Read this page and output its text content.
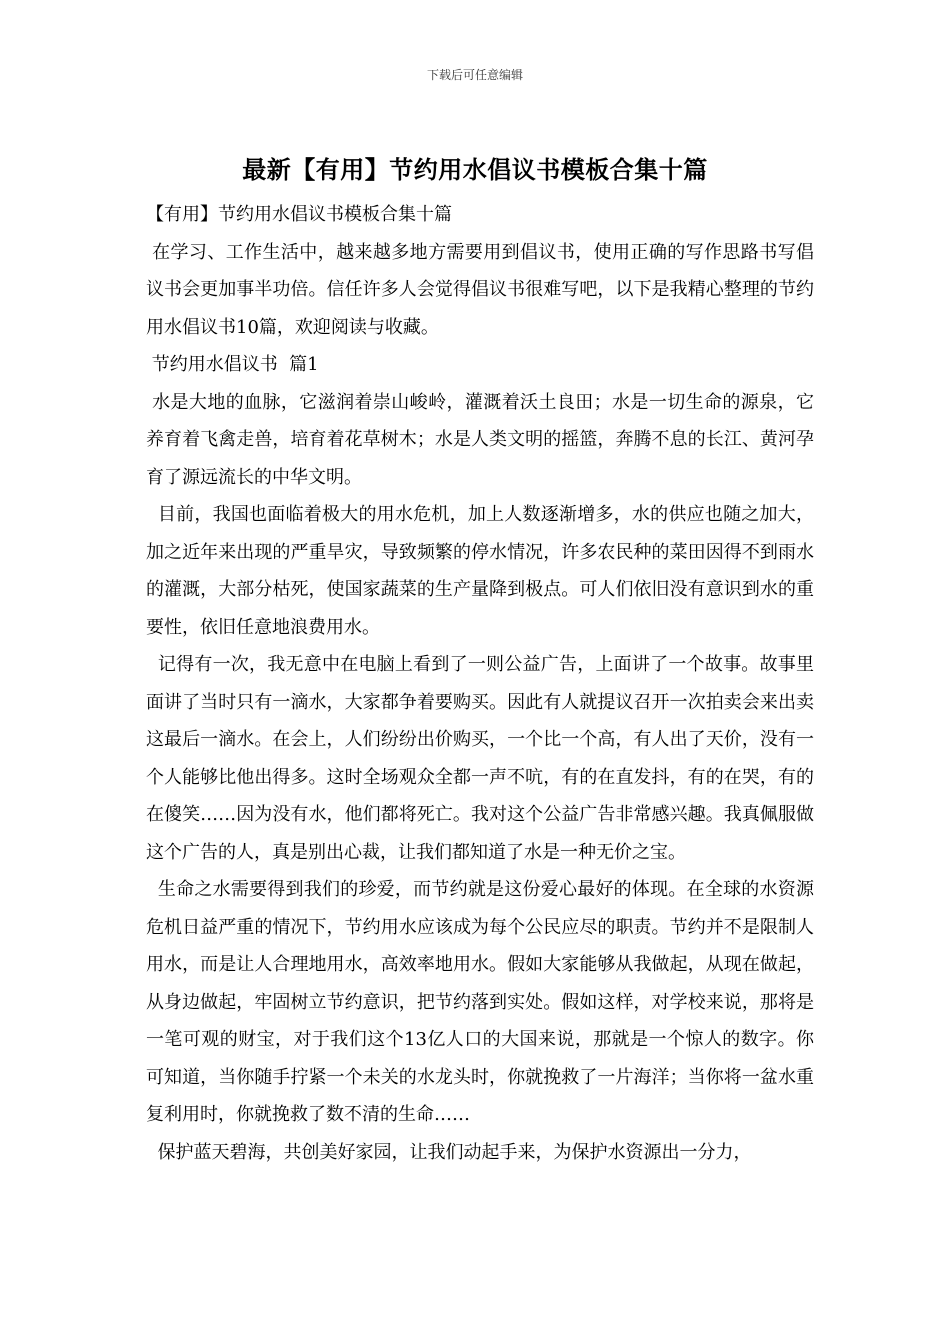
下载后可任意编辑
最新【有用】节约用水倡议书模板合集十篇

【有用】节约用水倡议书模板合集十篇

在学习、工作生活中，越来越多地方需要用到倡议书，使用正确的写作思路书写倡议书会更加事半功倍。信任许多人会觉得倡议书很难写吧，以下是我精心整理的节约用水倡议书10篇，欢迎阅读与收藏。

节约用水倡议书  篇1

水是大地的血脉，它滋润着崇山峻岭，灌溉着沃土良田；水是一切生命的源泉，它养育着飞禽走兽，培育着花草树木；水是人类文明的摇篮，奔腾不息的长江、黄河孕育了源远流长的中华文明。

目前，我国也面临着极大的用水危机，加上人数逐渐增多，水的供应也随之加大，加之近年来出现的严重旱灾，导致频繁的停水情况，许多农民种的菜田因得不到雨水的灌溉，大部分枯死，使国家蔬菜的生产量降到极点。可人们依旧没有意识到水的重要性，依旧任意地浪费用水。

记得有一次，我无意中在电脑上看到了一则公益广告，上面讲了一个故事。故事里面讲了当时只有一滴水，大家都争着要购买。因此有人就提议召开一次拍卖会来出卖这最后一滴水。在会上，人们纷纷出价购买，一个比一个高，有人出了天价，没有一个人能够比他出得多。这时全场观众全都一声不吭，有的在直发抖，有的在哭，有的在傻笑……因为没有水，他们都将死亡。我对这个公益广告非常感兴趣。我真佩服做这个广告的人，真是别出心裁，让我们都知道了水是一种无价之宝。

生命之水需要得到我们的珍爱，而节约就是这份爱心最好的体现。在全球的水资源危机日益严重的情况下，节约用水应该成为每个公民应尽的职责。节约并不是限制人用水，而是让人合理地用水，高效率地用水。假如大家能够从我做起，从现在做起，从身边做起，牢固树立节约意识，把节约落到实处。假如这样，对学校来说，那将是一笔可观的财宝，对于我们这个13亿人口的大国来说，那就是一个惊人的数字。你可知道，当你随手拧紧一个未关的水龙头时，你就挽救了一片海洋；当你将一盆水重复利用时，你就挽救了数不清的生命……

保护蓝天碧海，共创美好家园，让我们动起手来，为保护水资源出一分力，
